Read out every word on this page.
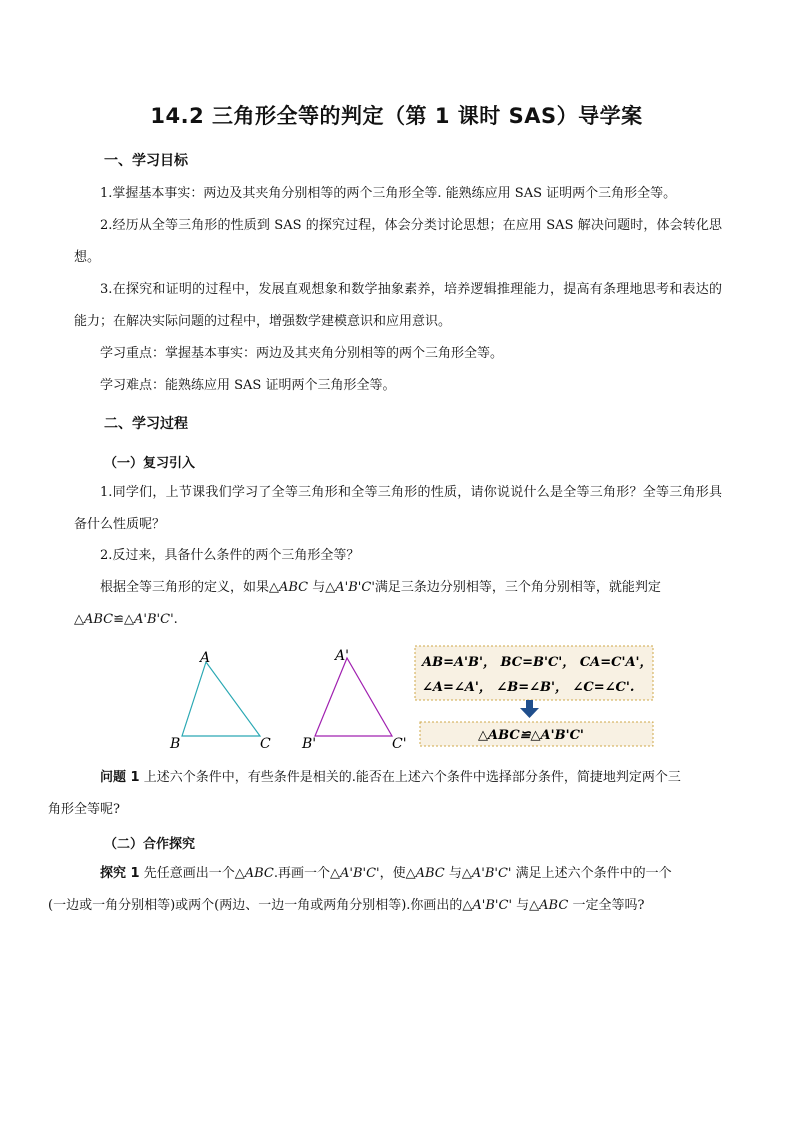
14.2 三角形全等的判定（第 1 课时 SAS）导学案
一、学习目标
1.掌握基本事实：两边及其夹角分别相等的两个三角形全等. 能熟练应用 SAS 证明两个三角形全等。
2.经历从全等三角形的性质到 SAS 的探究过程，体会分类讨论思想；在应用 SAS 解决问题时，体会转化思想。
3.在探究和证明的过程中，发展直观想象和数学抽象素养，培养逻辑推理能力，提高有条理地思考和表达的能力；在解决实际问题的过程中，增强数学建模意识和应用意识。
学习重点：掌握基本事实：两边及其夹角分别相等的两个三角形全等。
学习难点：能熟练应用 SAS 证明两个三角形全等。
二、学习过程
（一）复习引入
1.同学们，上节课我们学习了全等三角形和全等三角形的性质，请你说说什么是全等三角形？全等三角形具备什么性质呢？
2.反过来，具备什么条件的两个三角形全等？
根据全等三角形的定义，如果△ABC 与△A'B'C'满足三条边分别相等，三个角分别相等，就能判定
△ABC≌△A'B'C'.
A
B	C
A'
B'	C'
AB=A'B'， BC=B'C'， CA=C'A'，
∠A=∠A'， ∠B=∠B'， ∠C=∠C'.
△ABC≌△A'B'C'
问题 1 上述六个条件中，有些条件是相关的.能否在上述六个条件中选择部分条件，简捷地判定两个三
角形全等呢?
（二）合作探究
探究 1 先任意画出一个△ABC.再画一个△A'B'C'，使△ABC 与△A'B'C' 满足上述六个条件中的一个
(一边或一角分别相等)或两个(两边、一边一角或两角分别相等).你画出的△A'B'C' 与△ABC 一定全等吗?
